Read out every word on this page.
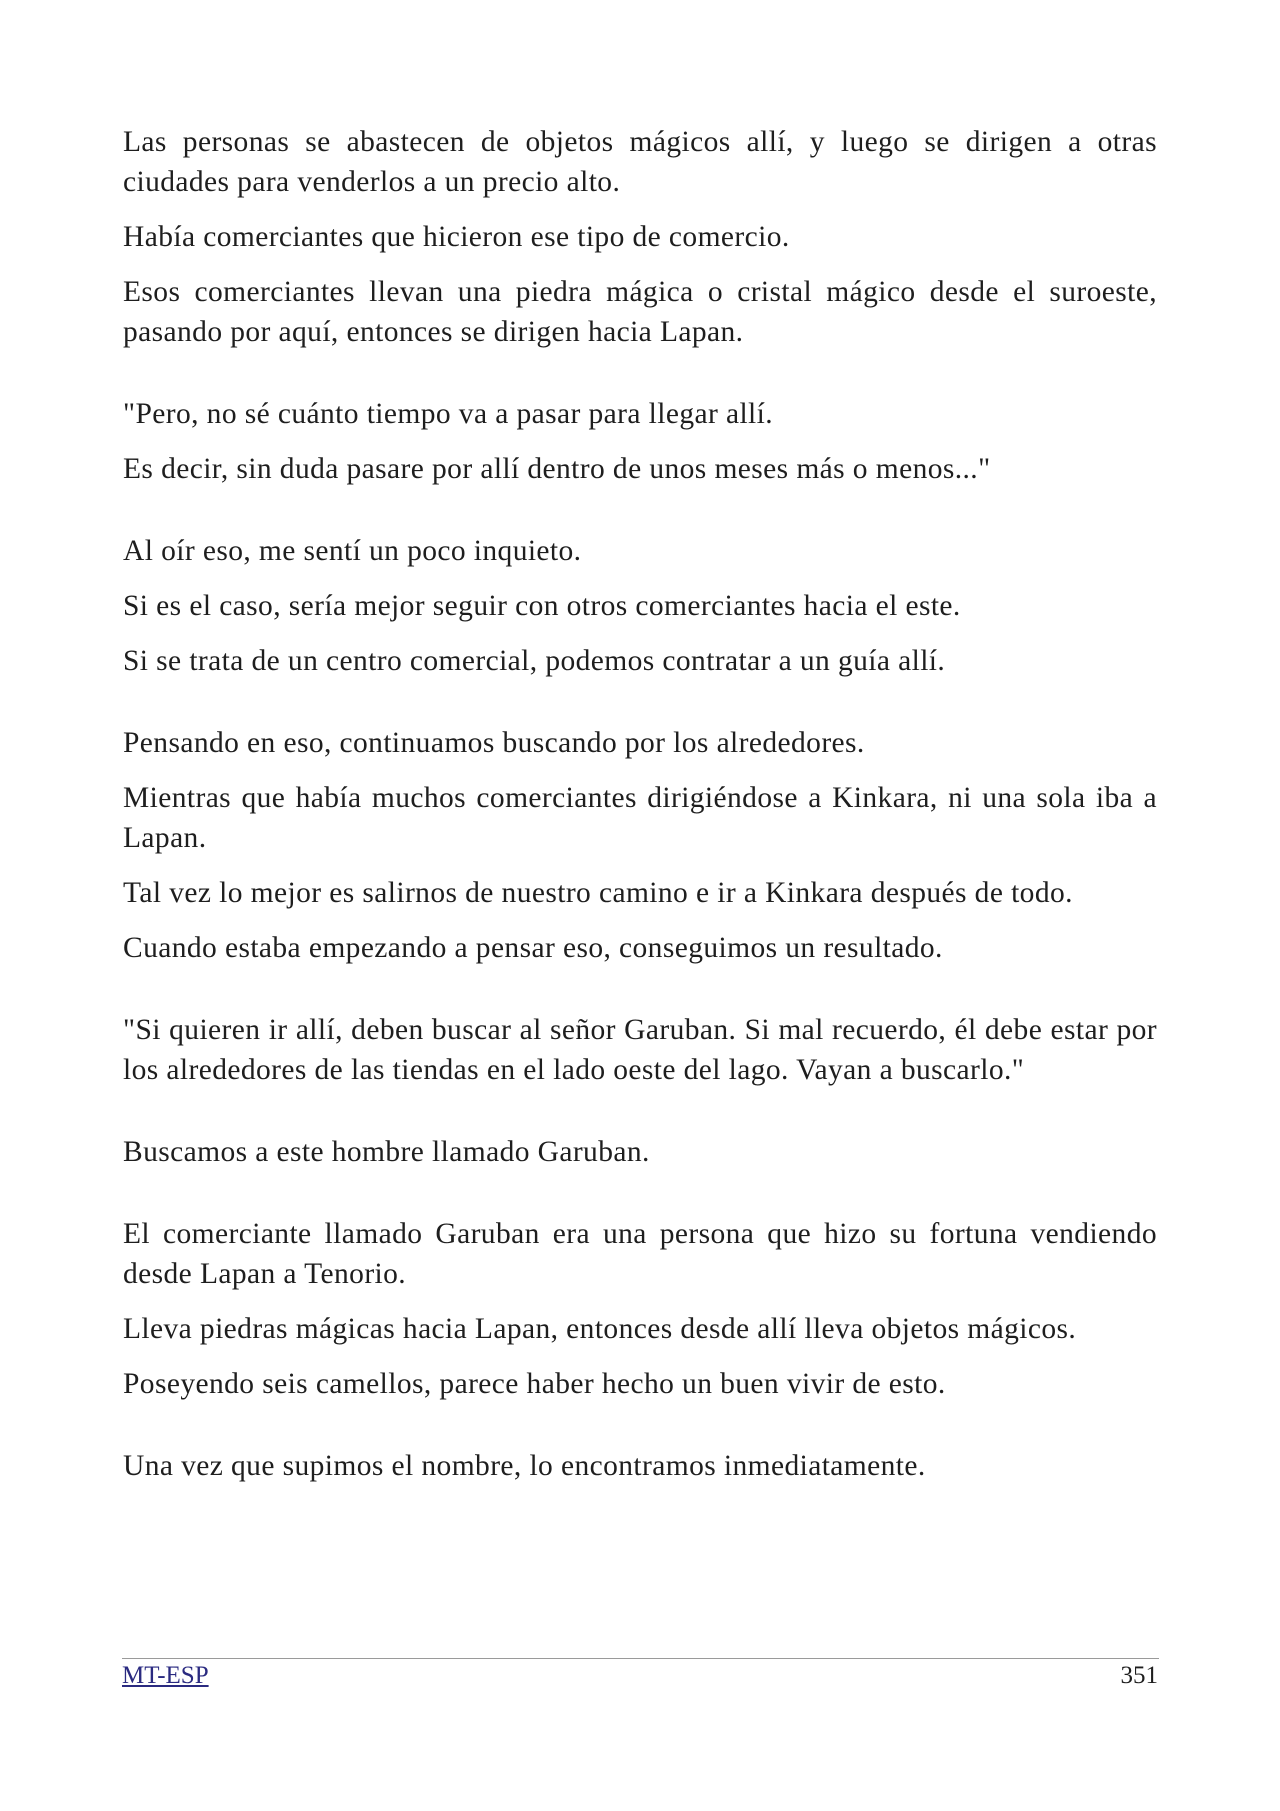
Las personas se abastecen de objetos mágicos allí, y luego se dirigen a otras ciudades para venderlos a un precio alto.

Había comerciantes que hicieron ese tipo de comercio.

Esos comerciantes llevan una piedra mágica o cristal mágico desde el suroeste, pasando por aquí, entonces se dirigen hacia Lapan.

"Pero, no sé cuánto tiempo va a pasar para llegar allí.

Es decir, sin duda pasare por allí dentro de unos meses más o menos..."

Al oír eso, me sentí un poco inquieto.

Si es el caso, sería mejor seguir con otros comerciantes hacia el este.

Si se trata de un centro comercial, podemos contratar a un guía allí.

Pensando en eso, continuamos buscando por los alrededores.

Mientras que había muchos comerciantes dirigiéndose a Kinkara, ni una sola iba a Lapan.

Tal vez lo mejor es salirnos de nuestro camino e ir a Kinkara después de todo.

Cuando estaba empezando a pensar eso, conseguimos un resultado.

"Si quieren ir allí, deben buscar al señor Garuban. Si mal recuerdo, él debe estar por los alrededores de las tiendas en el lado oeste del lago. Vayan a buscarlo."

Buscamos a este hombre llamado Garuban.

El comerciante llamado Garuban era una persona que hizo su fortuna vendiendo desde Lapan a Tenorio.

Lleva piedras mágicas hacia Lapan, entonces desde allí lleva objetos mágicos.

Poseyendo seis camellos, parece haber hecho un buen vivir de esto.

Una vez que supimos el nombre, lo encontramos inmediatamente.

MT-ESP	351
